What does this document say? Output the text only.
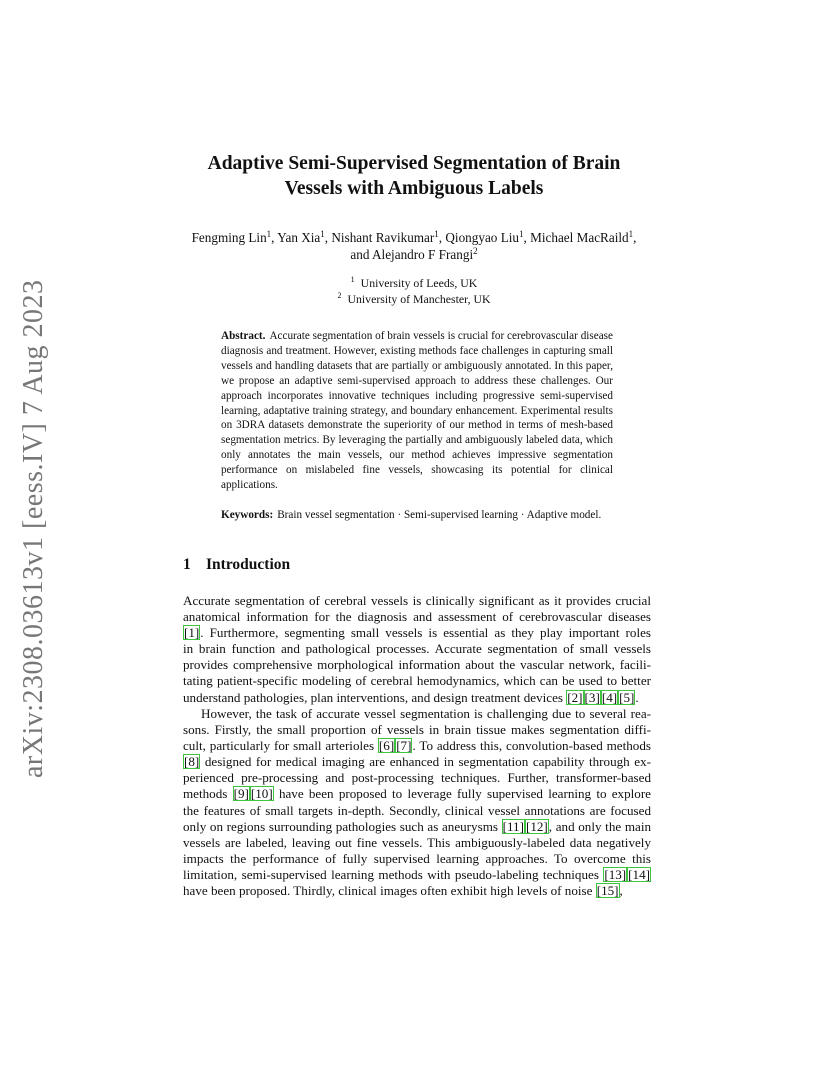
arXiv:2308.03613v1 [eess.IV] 7 Aug 2023
Adaptive Semi-Supervised Segmentation of Brain
Vessels with Ambiguous Labels
Fengming Lin$^1$, Yan Xia$^1$, Nishant Ravikumar$^1$, Qiongyao Liu$^1$, Michael MacRaild$^1$,
and Alejandro F Frangi$^2$
$^1$ University of Leeds, UK
$^2$ University of Manchester, UK
Abstract. Accurate segmentation of brain vessels is crucial for cerebrovascular disease diagnosis and treatment. However, existing methods face challenges in capturing small vessels and handling datasets that are partially or ambiguously annotated. In this paper, we propose an adaptive semi-supervised approach to address these challenges. Our approach incorporates innovative techniques including progressive semi-supervised learning, adaptative training strategy, and boundary enhancement. Experimental results on 3DRA datasets demonstrate the superiority of our method in terms of mesh-based segmentation metrics. By leveraging the partially and ambiguously labeled data, which only annotates the main vessels, our method achieves impressive segmentation performance on mislabeled fine vessels, showcasing its potential for clinical applications.
Keywords: Brain vessel segmentation · Semi-supervised learning · Adaptive model.
1 Introduction
Accurate segmentation of cerebral vessels is clinically significant as it provides crucial
anatomical information for the diagnosis and assessment of cerebrovascular diseases
[1]. Furthermore, segmenting small vessels is essential as they play important roles
in brain function and pathological processes. Accurate segmentation of small vessels
provides comprehensive morphological information about the vascular network, facili-
tating patient-specific modeling of cerebral hemodynamics, which can be used to better
understand pathologies, plan interventions, and design treatment devices [2] [3] [4] [5].
However, the task of accurate vessel segmentation is challenging due to several rea-
sons. Firstly, the small proportion of vessels in brain tissue makes segmentation diffi-
cult, particularly for small arterioles [6] [7]. To address this, convolution-based methods
[8] designed for medical imaging are enhanced in segmentation capability through ex-
perienced pre-processing and post-processing techniques. Further, transformer-based
methods [9] [10] have been proposed to leverage fully supervised learning to explore
the features of small targets in-depth. Secondly, clinical vessel annotations are focused
only on regions surrounding pathologies such as aneurysms [11] [12], and only the main
vessels are labeled, leaving out fine vessels. This ambiguously-labeled data negatively
impacts the performance of fully supervised learning approaches. To overcome this
limitation, semi-supervised learning methods with pseudo-labeling techniques [13] [14]
have been proposed. Thirdly, clinical images often exhibit high levels of noise [15],
